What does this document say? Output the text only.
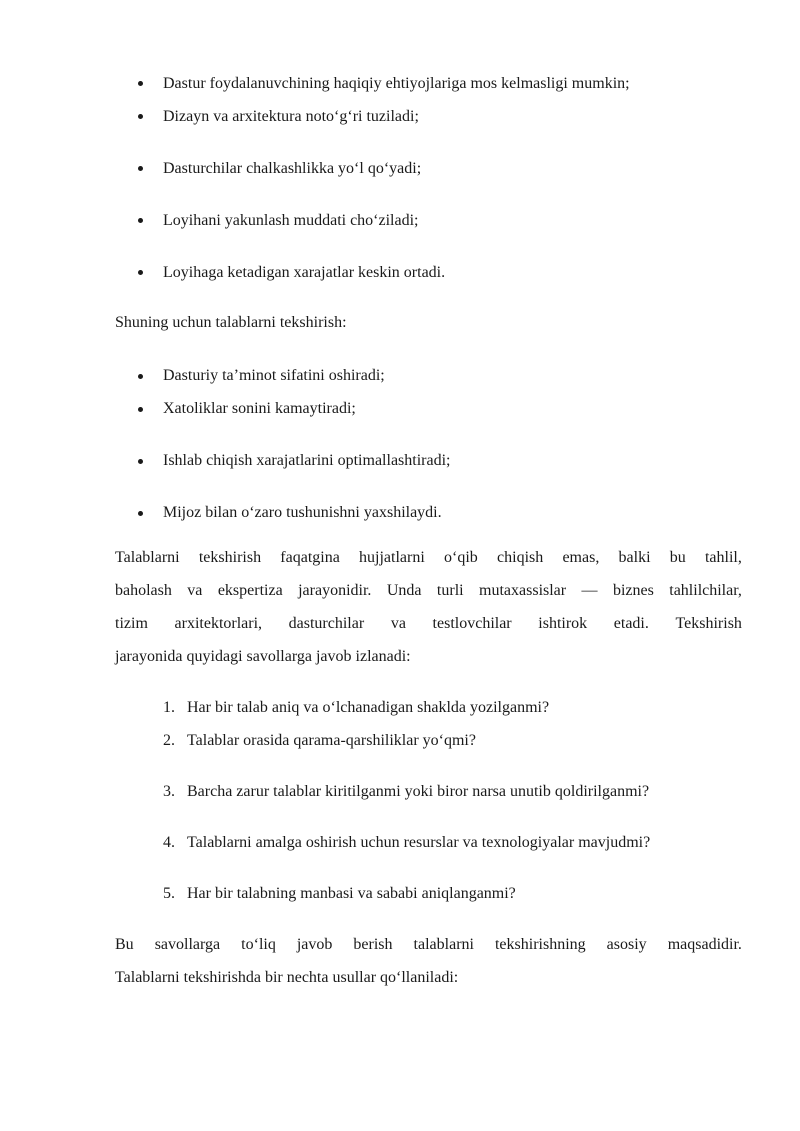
Dastur foydalanuvchining haqiqiy ehtiyojlariga mos kelmasligi mumkin;
Dizayn va arxitektura noto‘g‘ri tuziladi;
Dasturchilar chalkashlikka yo‘l qo‘yadi;
Loyihani yakunlash muddati cho‘ziladi;
Loyihaga ketadigan xarajatlar keskin ortadi.
Shuning uchun talablarni tekshirish:
Dasturiy ta’minot sifatini oshiradi;
Xatoliklar sonini kamaytiradi;
Ishlab chiqish xarajatlarini optimallashtiradi;
Mijoz bilan o‘zaro tushunishni yaxshilaydi.
Talablarni tekshirish faqatgina hujjatlarni o‘qib chiqish emas, balki bu tahlil,
baholash va ekspertiza jarayonidir. Unda turli mutaxassislar — biznes tahlilchilar,
tizim arxitektorlari, dasturchilar va testlovchilar ishtirok etadi. Tekshirish
jarayonida quyidagi savollarga javob izlanadi:
1. Har bir talab aniq va o‘lchanadigan shaklda yozilganmi?
2. Talablar orasida qarama-qarshiliklar yo‘qmi?
3. Barcha zarur talablar kiritilganmi yoki biror narsa unutib qoldirilganmi?
4. Talablarni amalga oshirish uchun resurslar va texnologiyalar mavjudmi?
5. Har bir talabning manbasi va sababi aniqlanganmi?
Bu savollarga to‘liq javob berish talablarni tekshirishning asosiy maqsadidir.
Talablarni tekshirishda bir nechta usullar qo‘llaniladi:
